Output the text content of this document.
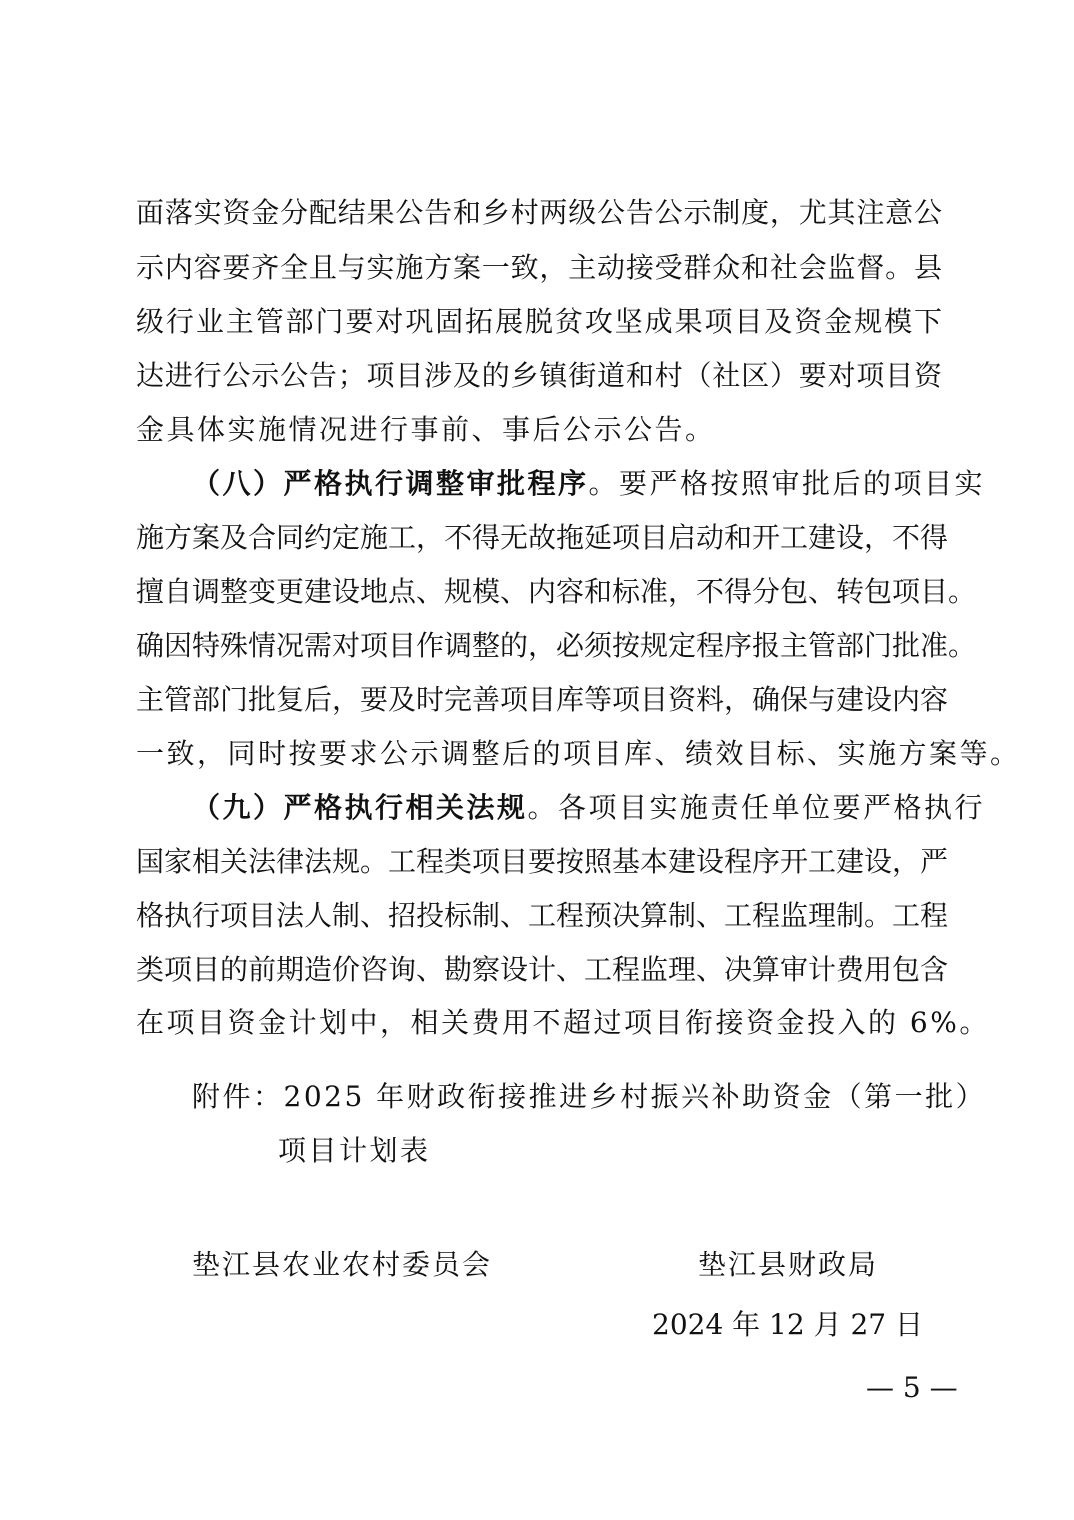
面落实资金分配结果公告和乡村两级公告公示制度，尤其注意公
示内容要齐全且与实施方案一致，主动接受群众和社会监督。县
级行业主管部门要对巩固拓展脱贫攻坚成果项目及资金规模下
达进行公示公告；项目涉及的乡镇街道和村（社区）要对项目资
金具体实施情况进行事前、事后公示公告。
（八）严格执行调整审批程序。要严格按照审批后的项目实
施方案及合同约定施工，不得无故拖延项目启动和开工建设，不得
擅自调整变更建设地点、规模、内容和标准，不得分包、转包项目。
确因特殊情况需对项目作调整的，必须按规定程序报主管部门批准。
主管部门批复后，要及时完善项目库等项目资料，确保与建设内容
一致，同时按要求公示调整后的项目库、绩效目标、实施方案等。
（九）严格执行相关法规。各项目实施责任单位要严格执行
国家相关法律法规。工程类项目要按照基本建设程序开工建设，严
格执行项目法人制、招投标制、工程预决算制、工程监理制。工程
类项目的前期造价咨询、勘察设计、工程监理、决算审计费用包含
在项目资金计划中，相关费用不超过项目衔接资金投入的 6%。
附件：2025 年财政衔接推进乡村振兴补助资金（第一批）
项目计划表
垫江县农业农村委员会	垫江县财政局
2024 年 12 月 27 日
— 5 —
